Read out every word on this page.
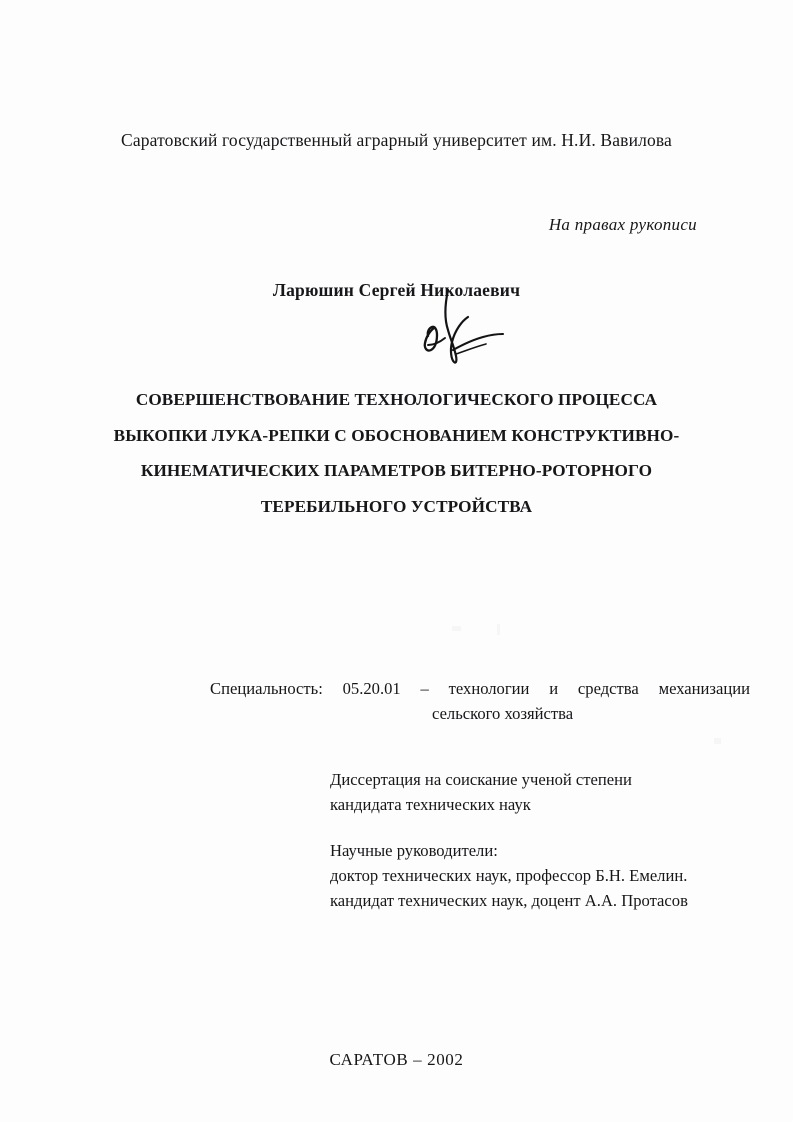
Саратовский государственный аграрный университет им. Н.И. Вавилова
На правах рукописи
Ларюшин Сергей Николаевич
СОВЕРШЕНСТВОВАНИЕ ТЕХНОЛОГИЧЕСКОГО ПРОЦЕССА
ВЫКОПКИ ЛУКА-РЕПКИ С ОБОСНОВАНИЕМ КОНСТРУКТИВНО-
КИНЕМАТИЧЕСКИХ ПАРАМЕТРОВ БИТЕРНО-РОТОРНОГО
ТЕРЕБИЛЬНОГО УСТРОЙСТВА
Специальность: 05.20.01 – технологии и средства механизации
сельского хозяйства
Диссертация на соискание ученой степени
кандидата технических наук
Научные руководители:
доктор технических наук, профессор Б.Н. Емелин.
кандидат технических наук, доцент А.А. Протасов
САРАТОВ – 2002
